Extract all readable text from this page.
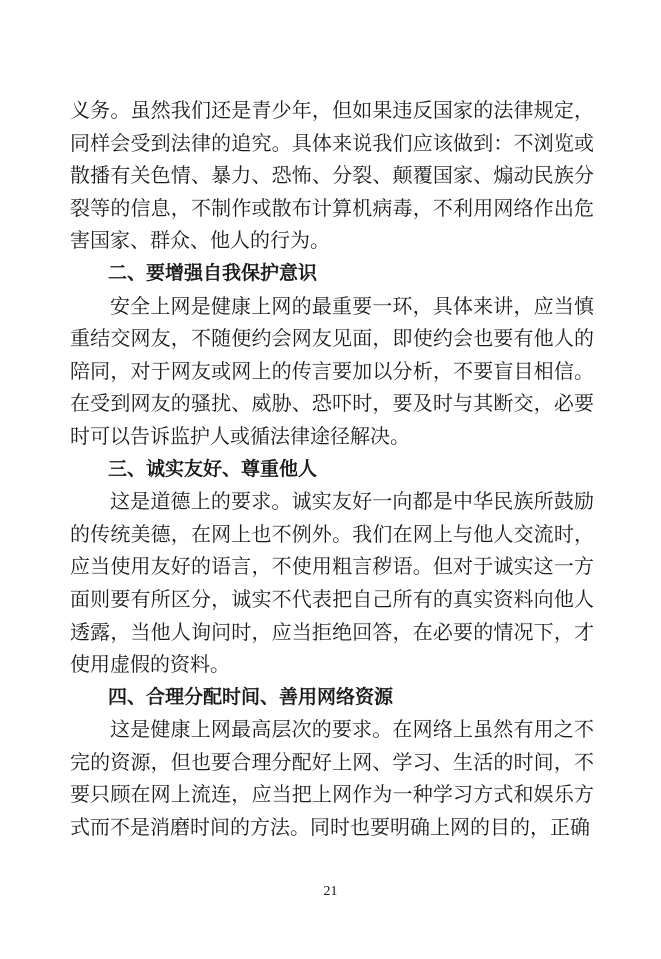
义务。虽然我们还是青少年，但如果违反国家的法律规定，同样会受到法律的追究。具体来说我们应该做到：不浏览或散播有关色情、暴力、恐怖、分裂、颠覆国家、煽动民族分裂等的信息，不制作或散布计算机病毒，不利用网络作出危害国家、群众、他人的行为。

二、要增强自我保护意识

安全上网是健康上网的最重要一环，具体来讲，应当慎重结交网友，不随便约会网友见面，即使约会也要有他人的陪同，对于网友或网上的传言要加以分析，不要盲目相信。在受到网友的骚扰、威胁、恐吓时，要及时与其断交，必要时可以告诉监护人或循法律途径解决。

三、诚实友好、尊重他人

这是道德上的要求。诚实友好一向都是中华民族所鼓励的传统美德，在网上也不例外。我们在网上与他人交流时，应当使用友好的语言，不使用粗言秽语。但对于诚实这一方面则要有所区分，诚实不代表把自己所有的真实资料向他人透露，当他人询问时，应当拒绝回答，在必要的情况下，才使用虚假的资料。

四、合理分配时间、善用网络资源

这是健康上网最高层次的要求。在网络上虽然有用之不完的资源，但也要合理分配好上网、学习、生活的时间，不要只顾在网上流连，应当把上网作为一种学习方式和娱乐方式而不是消磨时间的方法。同时也要明确上网的目的，正确

21
